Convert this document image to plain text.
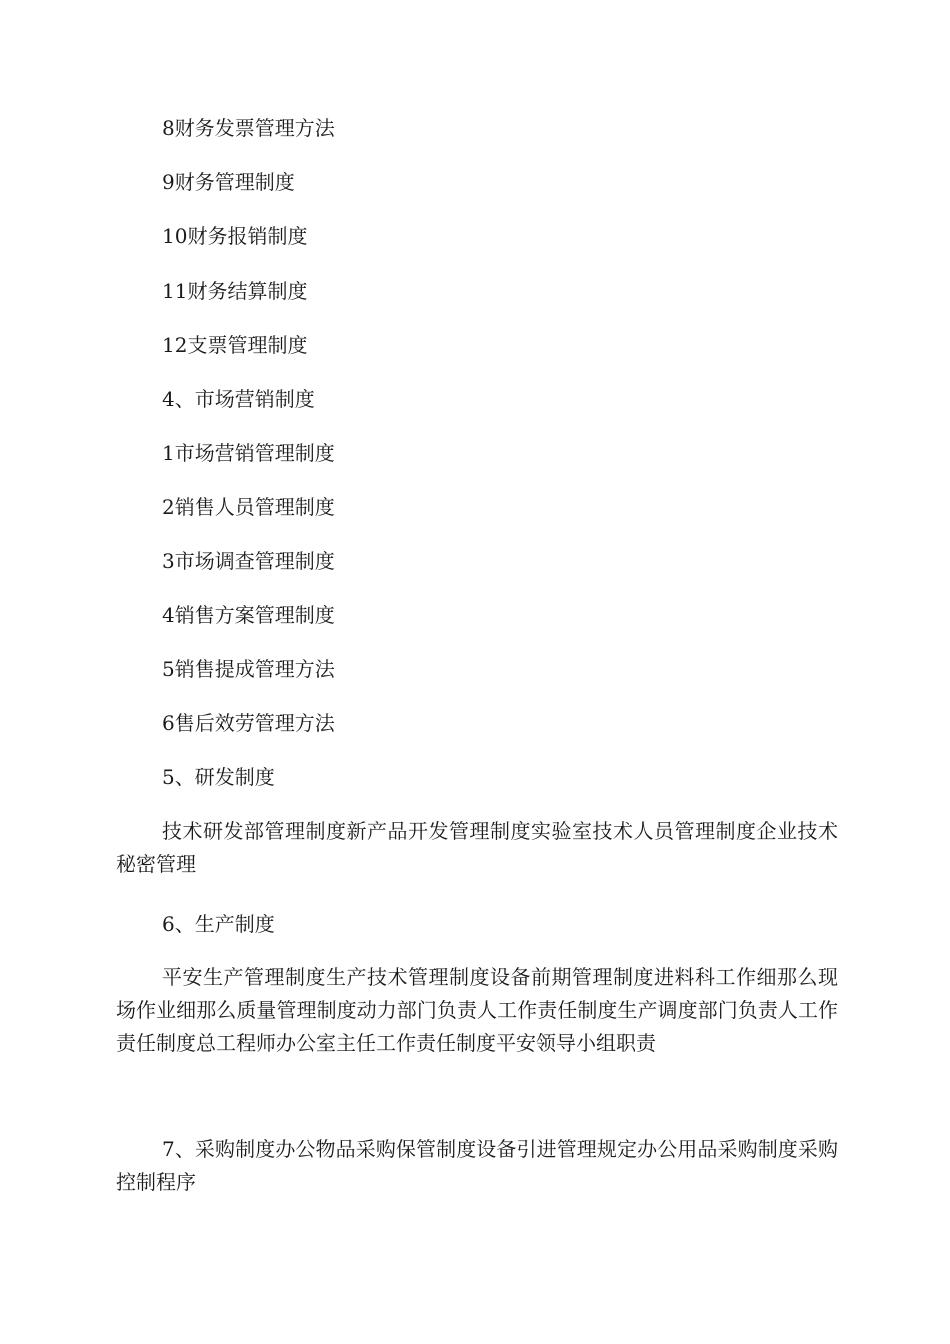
8财务发票管理方法
9财务管理制度
10财务报销制度
11财务结算制度
12支票管理制度
4、市场营销制度
1市场营销管理制度
2销售人员管理制度
3市场调查管理制度
4销售方案管理制度
5销售提成管理方法
6售后效劳管理方法
5、研发制度
技术研发部管理制度新产品开发管理制度实验室技术人员管理制度企业技术秘密管理
6、生产制度
平安生产管理制度生产技术管理制度设备前期管理制度进料科工作细那么现场作业细那么质量管理制度动力部门负责人工作责任制度生产调度部门负责人工作责任制度总工程师办公室主任工作责任制度平安领导小组职责
7、采购制度办公物品采购保管制度设备引进管理规定办公用品采购制度采购控制程序
